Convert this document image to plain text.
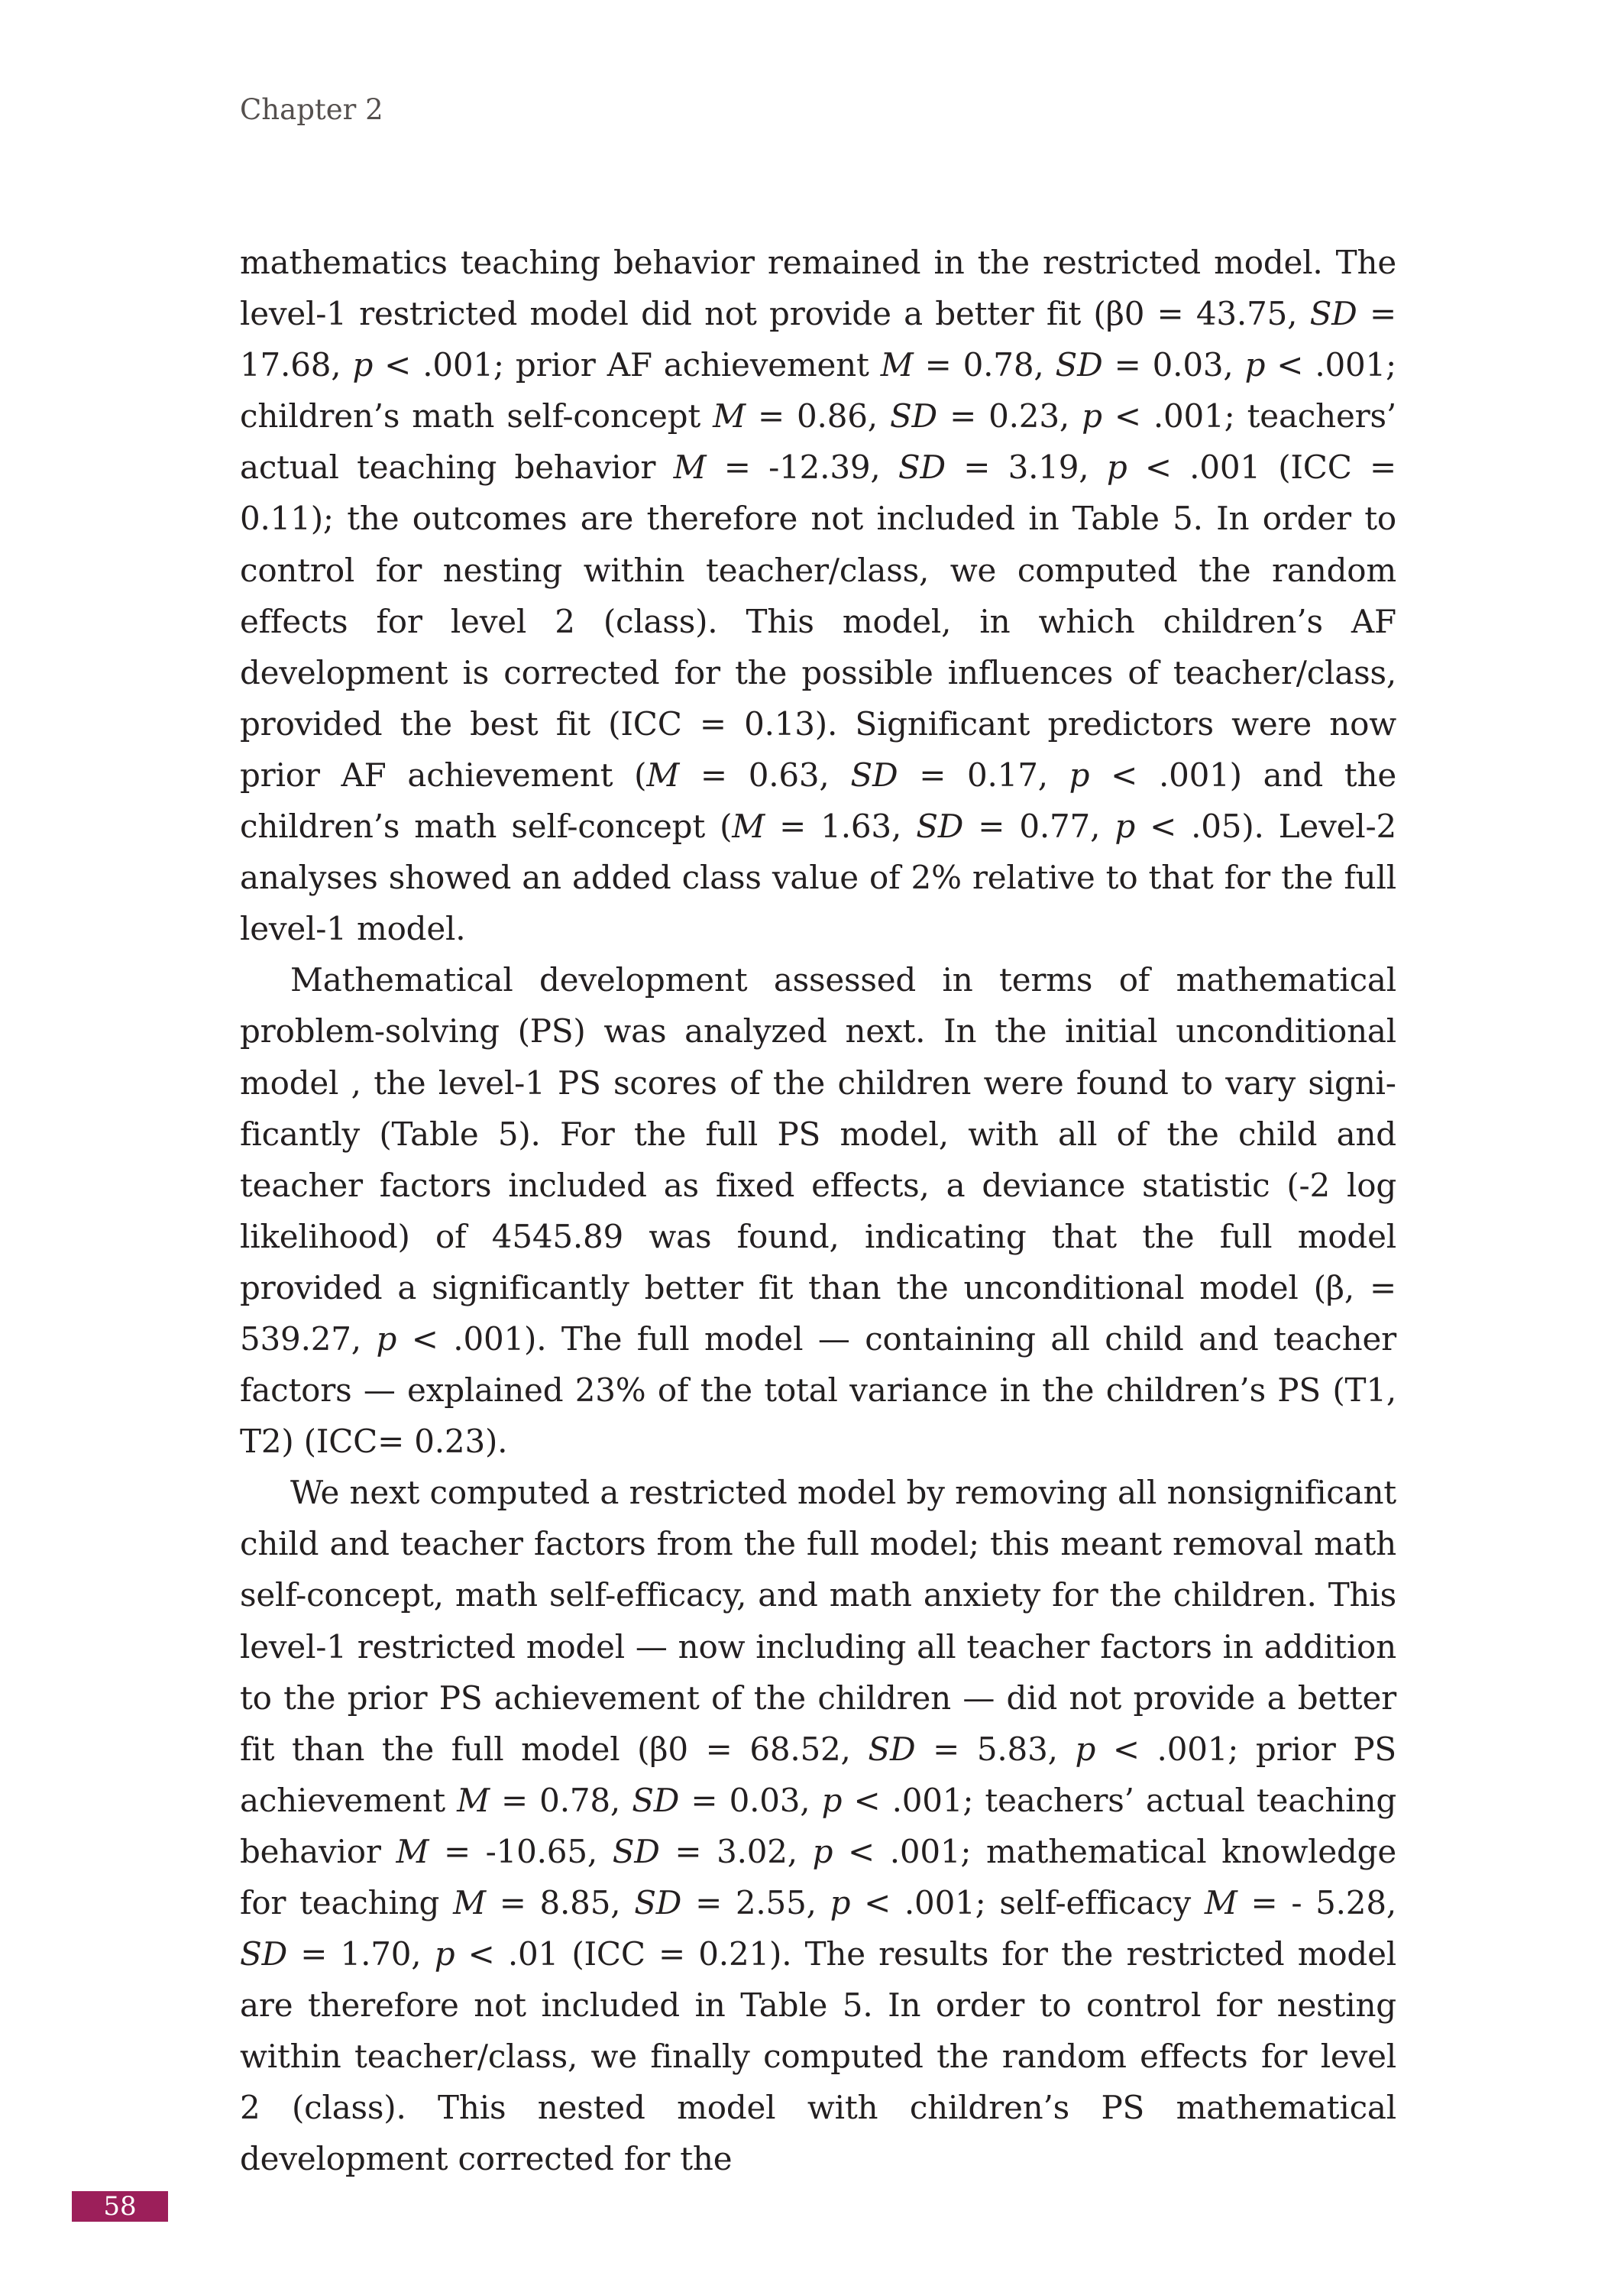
Chapter 2

mathematics teaching behavior remained in the restricted model. The level-1 restricted model did not provide a better fit (β0 = 43.75, SD = 17.68, p < .001; prior AF achievement M = 0.78, SD = 0.03, p < .001; children’s math self-concept M = 0.86, SD = 0.23, p < .001; teachers’ actual teaching behavior M = -12.39, SD = 3.19, p < .001 (ICC = 0.11); the outcomes are therefore not included in Table 5. In order to control for nesting within teacher/class, we computed the random effects for level 2 (class). This model, in which children’s AF development is corrected for the possible influences of teacher/class, provided the best fit (ICC = 0.13). Significant predictors were now prior AF achievement (M = 0.63, SD = 0.17, p < .001) and the children’s math self-concept (M = 1.63, SD = 0.77, p < .05). Level-2 analyses showed an added class value of 2% relative to that for the full level-1 model.

Mathematical development assessed in terms of mathematical problem-solving (PS) was analyzed next. In the initial unconditional model , the level-1 PS scores of the children were found to vary significantly (Table 5). For the full PS model, with all of the child and teacher factors included as fixed effects, a deviance statistic (-2 log likelihood) of 4545.89 was found, indicating that the full model provided a significantly better fit than the unconditional model (β, = 539.27, p < .001). The full model — containing all child and teacher factors — explained 23% of the total variance in the children’s PS (T1, T2) (ICC= 0.23).

We next computed a restricted model by removing all nonsignificant child and teacher factors from the full model; this meant removal math self-concept, math self-efficacy, and math anxiety for the children. This level-1 restricted model — now including all teacher factors in addition to the prior PS achievement of the children — did not provide a better fit than the full model (β0 = 68.52, SD = 5.83, p < .001; prior PS achievement M = 0.78, SD = 0.03, p < .001; teachers’ actual teaching behavior M = -10.65, SD = 3.02, p < .001; mathematical knowledge for teaching M = 8.85, SD = 2.55, p < .001; self-efficacy M = - 5.28, SD = 1.70, p < .01 (ICC = 0.21). The results for the restricted model are therefore not included in Table 5. In order to control for nesting within teacher/class, we finally computed the random effects for level 2 (class). This nested model with children’s PS mathematical development corrected for the

58
